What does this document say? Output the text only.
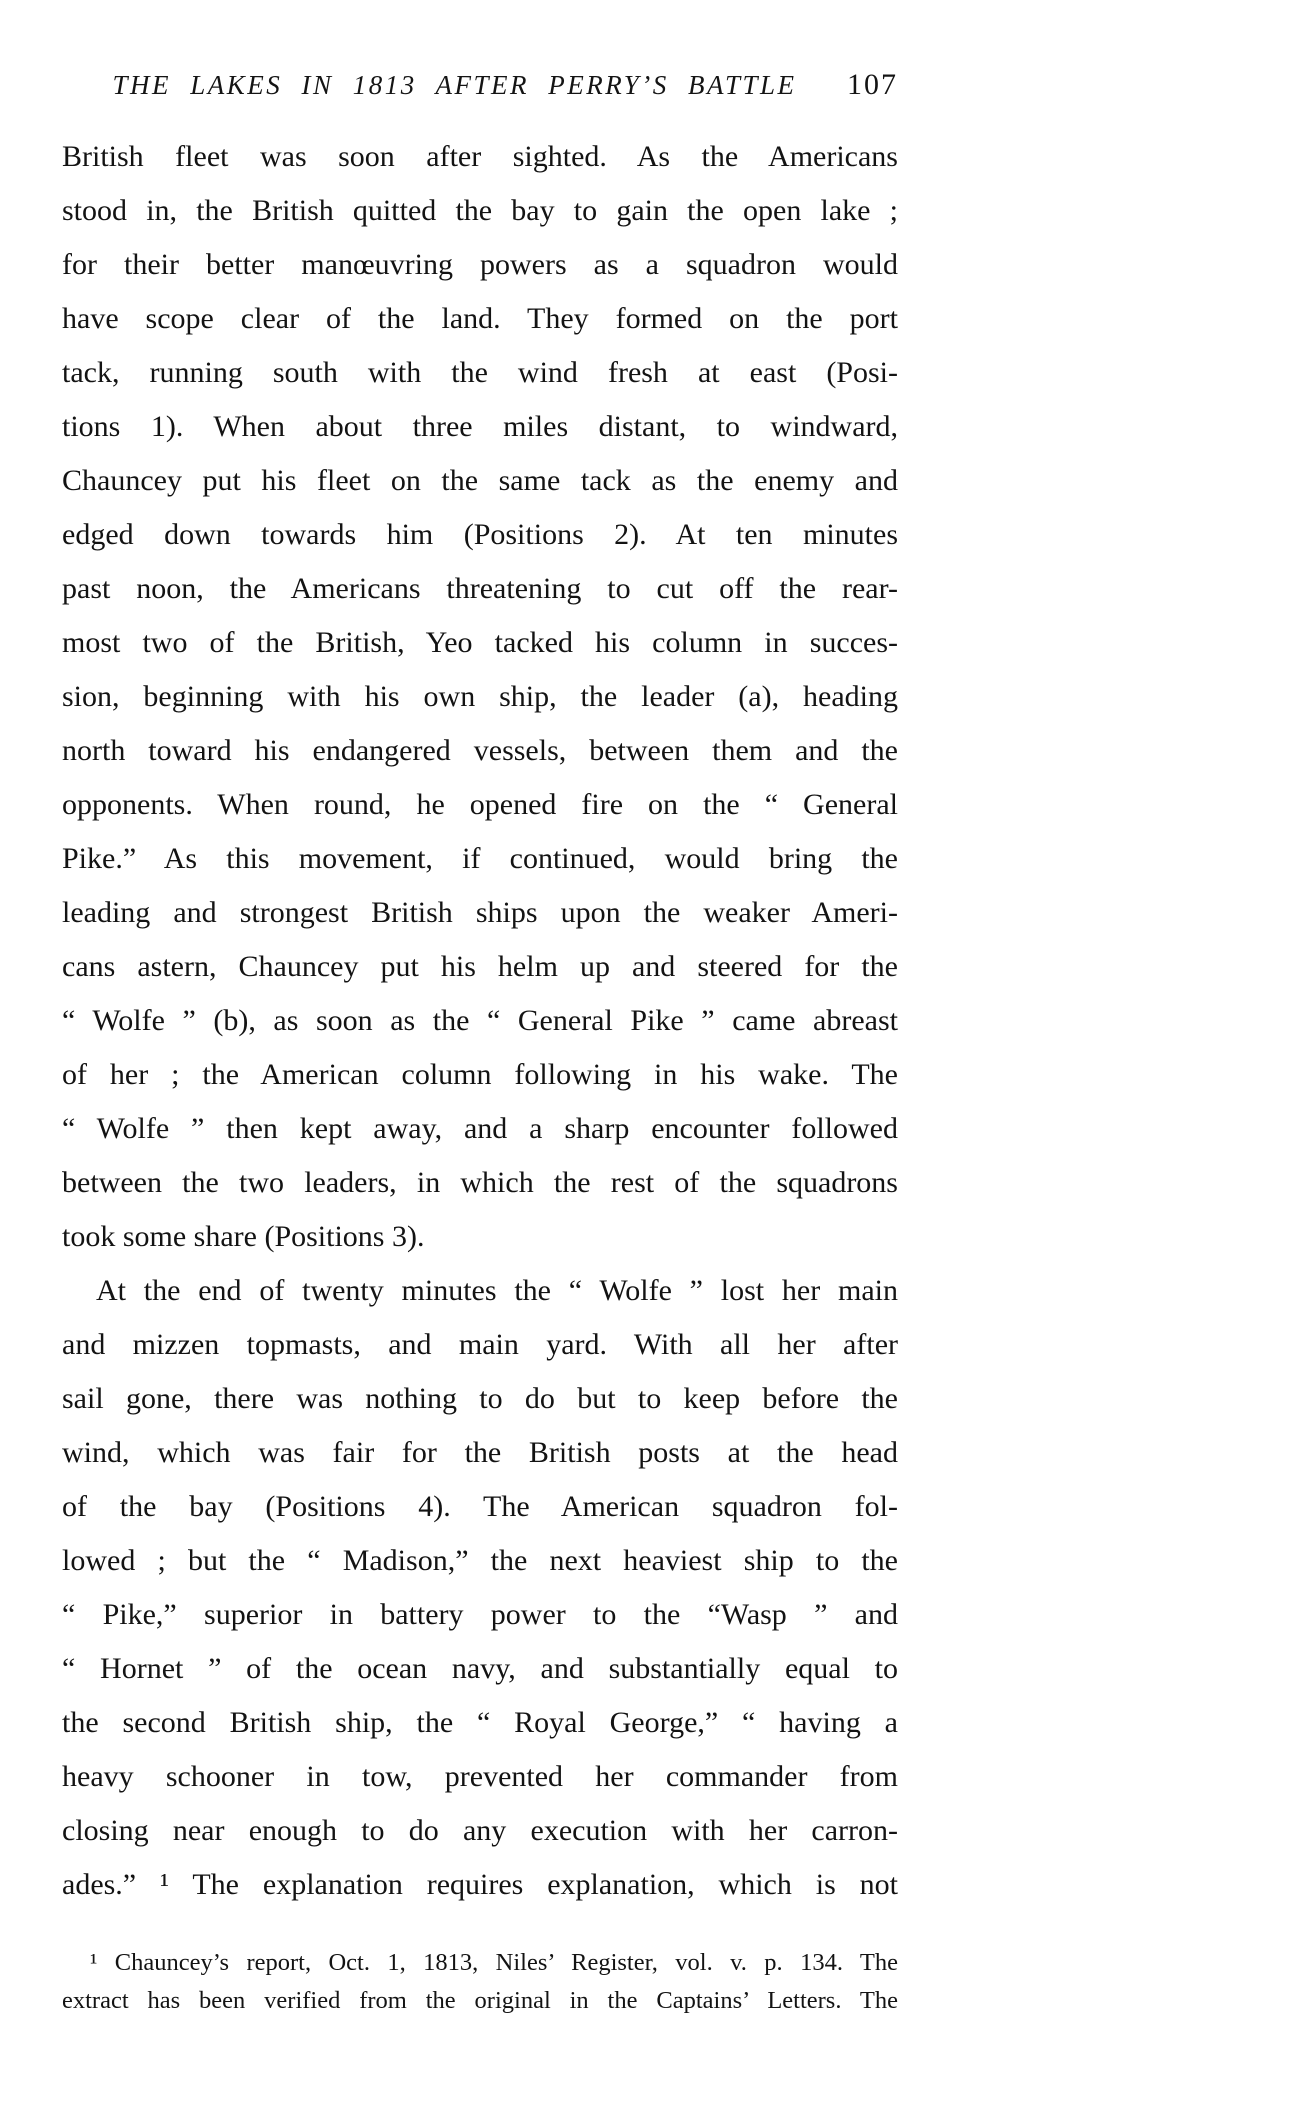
THE LAKES IN 1813 AFTER PERRY’S BATTLE	107
British fleet was soon after sighted. As the Americans
stood in, the British quitted the bay to gain the open lake ;
for their better manœuvring powers as a squadron would
have scope clear of the land. They formed on the port
tack, running south with the wind fresh at east (Posi-
tions 1). When about three miles distant, to windward,
Chauncey put his fleet on the same tack as the enemy and
edged down towards him (Positions 2). At ten minutes
past noon, the Americans threatening to cut off the rear-
most two of the British, Yeo tacked his column in succes-
sion, beginning with his own ship, the leader (a), heading
north toward his endangered vessels, between them and the
opponents. When round, he opened fire on the “ General
Pike.” As this movement, if continued, would bring the
leading and strongest British ships upon the weaker Ameri-
cans astern, Chauncey put his helm up and steered for the
“ Wolfe ” (b), as soon as the “ General Pike ” came abreast
of her ; the American column following in his wake. The
“ Wolfe ” then kept away, and a sharp encounter followed
between the two leaders, in which the rest of the squadrons
took some share (Positions 3).
At the end of twenty minutes the “ Wolfe ” lost her main
and mizzen topmasts, and main yard. With all her after
sail gone, there was nothing to do but to keep before the
wind, which was fair for the British posts at the head
of the bay (Positions 4). The American squadron fol-
lowed ; but the “ Madison,” the next heaviest ship to the
“ Pike,” superior in battery power to the “Wasp ” and
“ Hornet ” of the ocean navy, and substantially equal to
the second British ship, the “ Royal George,” “ having a
heavy schooner in tow, prevented her commander from
closing near enough to do any execution with her carron-
ades.” ¹ The explanation requires explanation, which is not
¹ Chauncey’s report, Oct. 1, 1813, Niles’ Register, vol. v. p. 134. The
extract has been verified from the original in the Captains’ Letters. The
